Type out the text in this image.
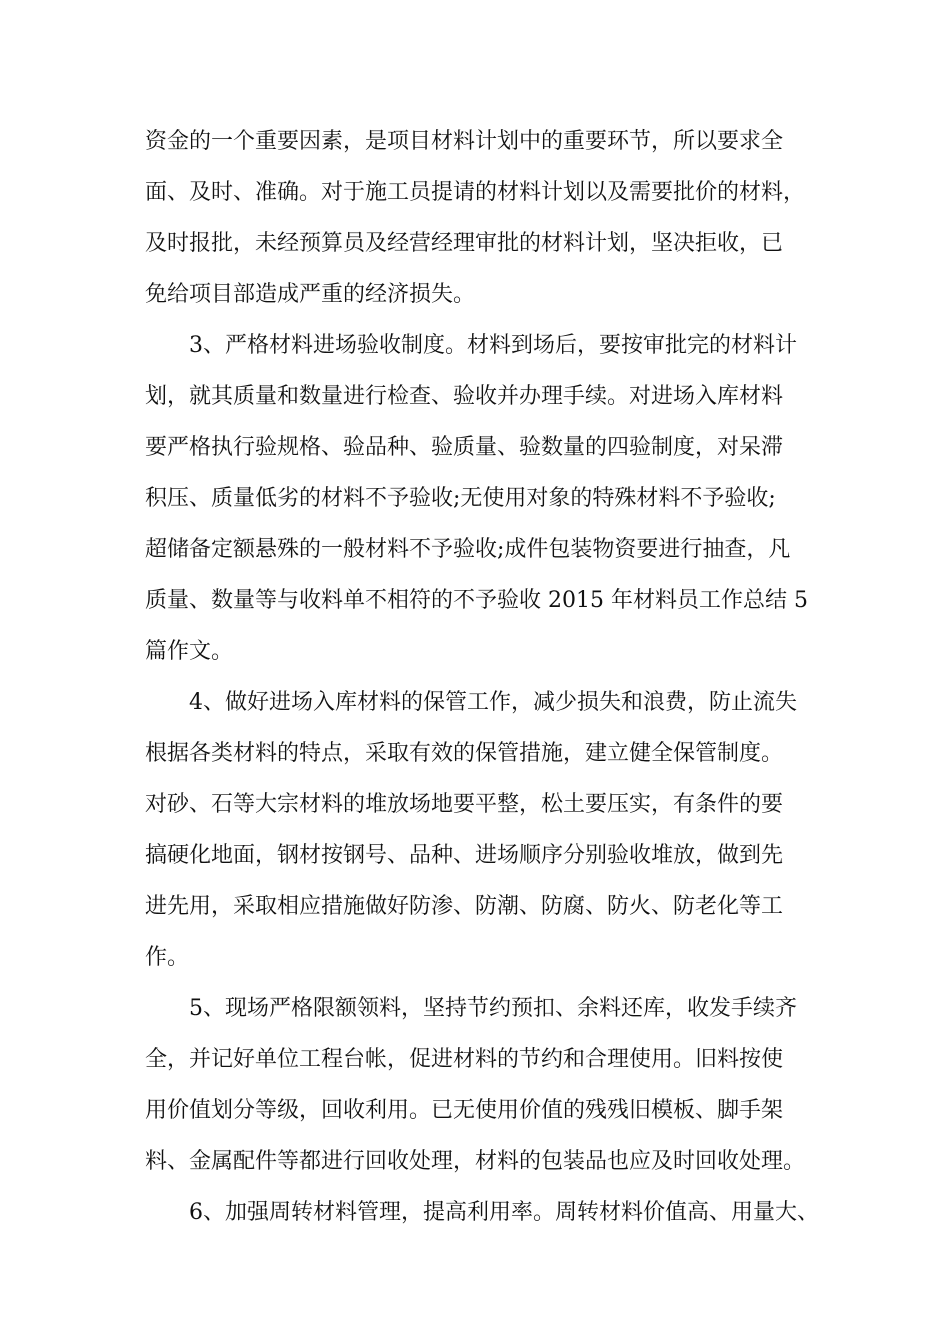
资金的一个重要因素，是项目材料计划中的重要环节，所以要求全
面、及时、准确。对于施工员提请的材料计划以及需要批价的材料，
及时报批，未经预算员及经营经理审批的材料计划，坚决拒收，已
免给项目部造成严重的经济损失。
3、严格材料进场验收制度。材料到场后，要按审批完的材料计
划，就其质量和数量进行检查、验收并办理手续。对进场入库材料
要严格执行验规格、验品种、验质量、验数量的四验制度，对呆滞
积压、质量低劣的材料不予验收;无使用对象的特殊材料不予验收;
超储备定额悬殊的一般材料不予验收;成件包装物资要进行抽查，凡
质量、数量等与收料单不相符的不予验收 2015 年材料员工作总结 5
篇作文。
4、做好进场入库材料的保管工作，减少损失和浪费，防止流失
根据各类材料的特点，采取有效的保管措施，建立健全保管制度。
对砂、石等大宗材料的堆放场地要平整，松土要压实，有条件的要
搞硬化地面，钢材按钢号、品种、进场顺序分别验收堆放，做到先
进先用，采取相应措施做好防渗、防潮、防腐、防火、防老化等工
作。
5、现场严格限额领料，坚持节约预扣、余料还库，收发手续齐
全，并记好单位工程台帐，促进材料的节约和合理使用。旧料按使
用价值划分等级，回收利用。已无使用价值的残残旧模板、脚手架
料、金属配件等都进行回收处理，材料的包装品也应及时回收处理。
6、加强周转材料管理，提高利用率。周转材料价值高、用量大、
